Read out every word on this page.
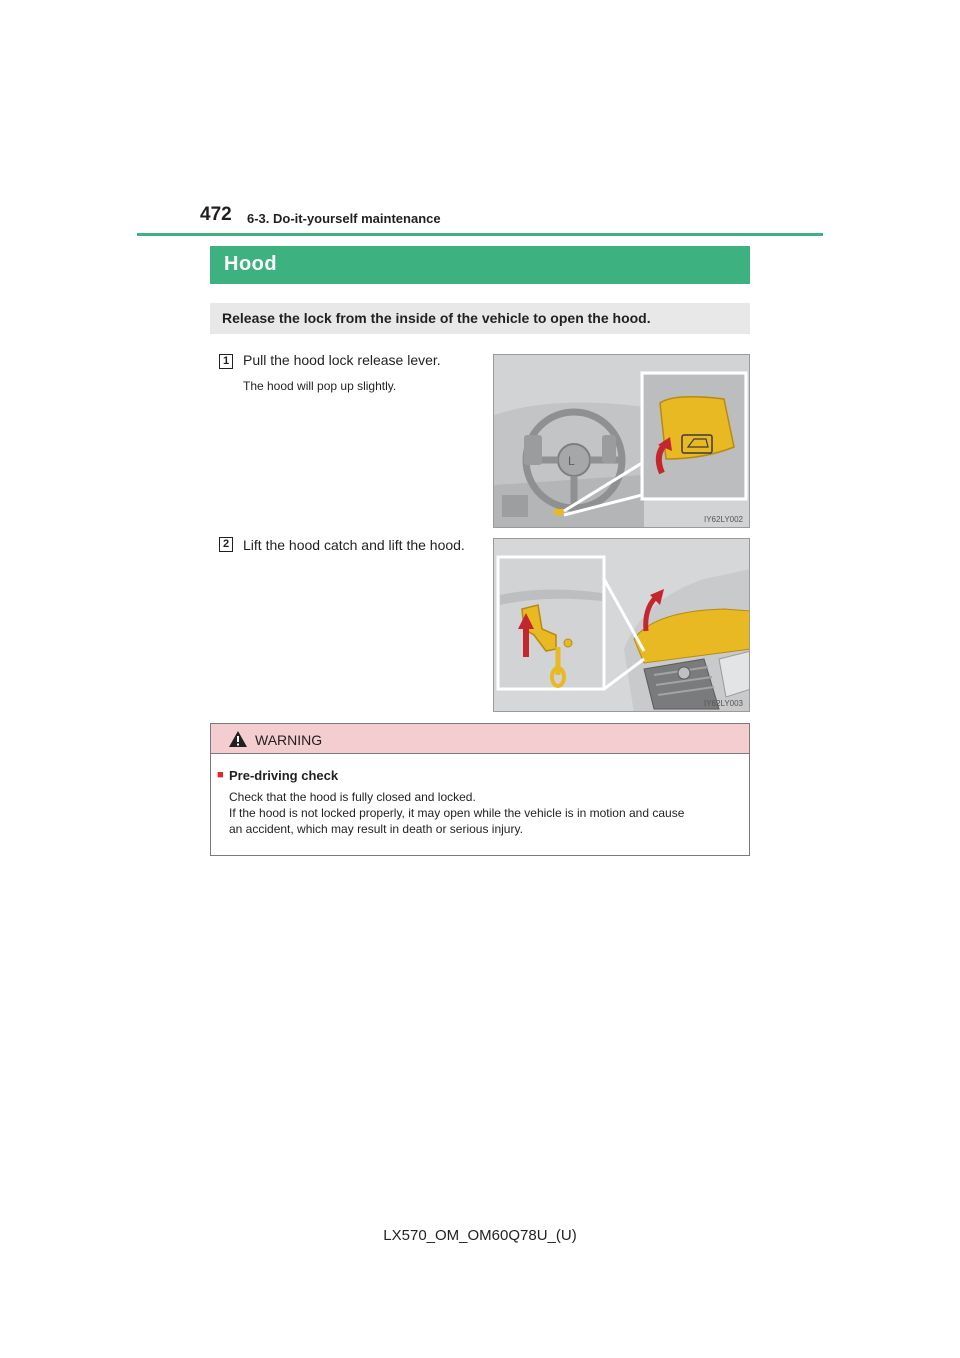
472 6-3. Do-it-yourself maintenance
Hood
Release the lock from the inside of the vehicle to open the hood.
1 Pull the hood lock release lever.
The hood will pop up slightly.
L
IY62LY002
2 Lift the hood catch and lift the hood.
IY62LY003
WARNING
■ Pre-driving check
Check that the hood is fully closed and locked.
If the hood is not locked properly, it may open while the vehicle is in motion and cause
an accident, which may result in death or serious injury.
LX570_OM_OM60Q78U_(U)
